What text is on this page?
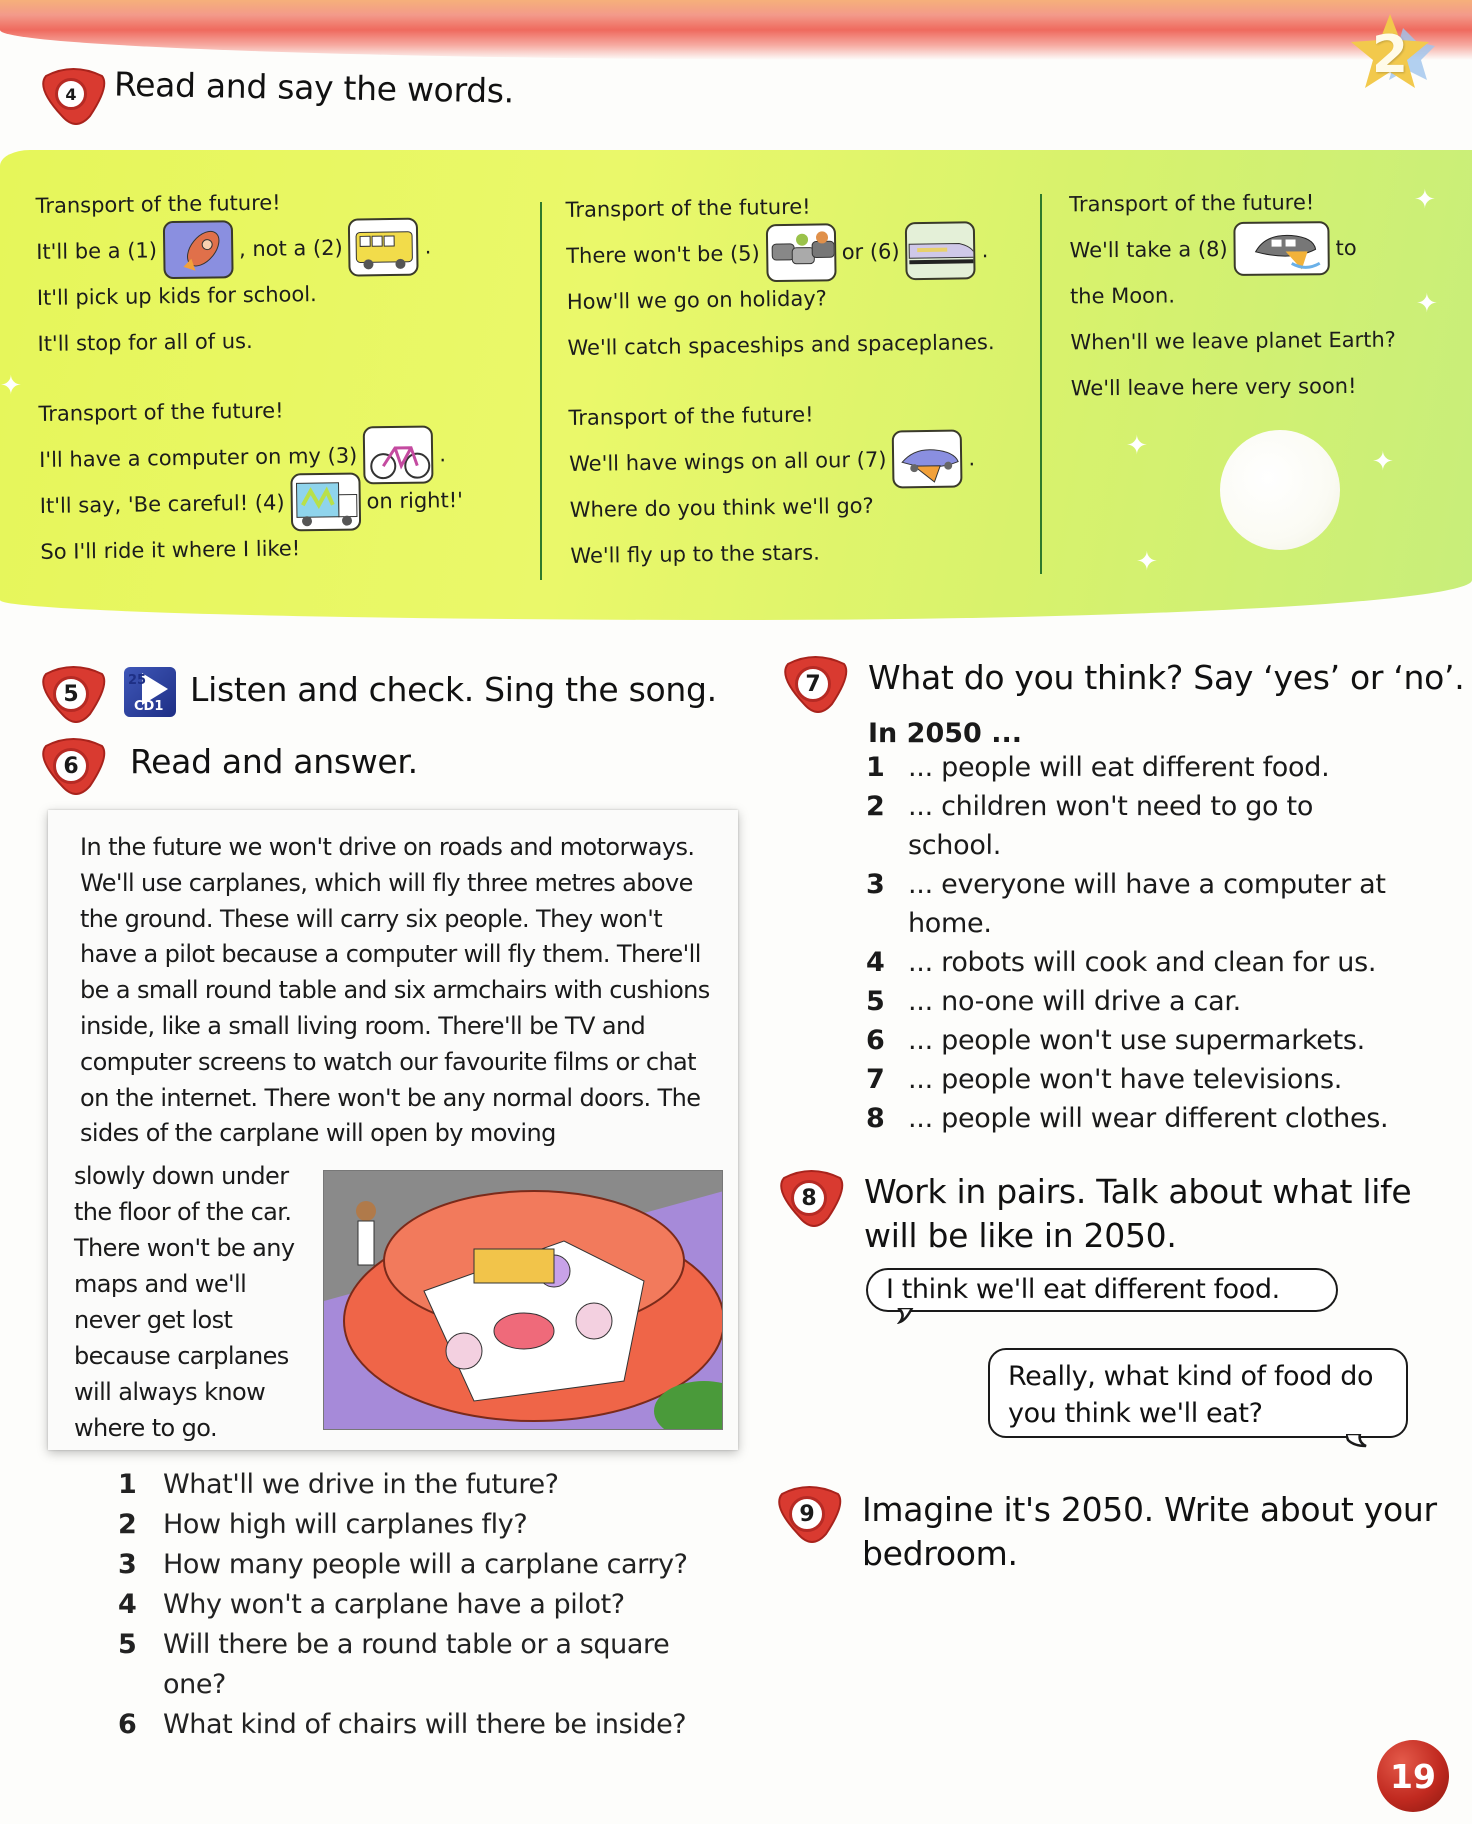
2
4	Read and say the words.
Transport of the future!
It'll be a (1)	, not a (2)	.
It'll pick up kids for school.
It'll stop for all of us.
Transport of the future!
I'll have a computer on my (3)	.
It'll say, 'Be careful! (4)	on right!'
So I'll ride it where I like!
Transport of the future!
There won't be (5)	or (6)	.
How'll we go on holiday?
We'll catch spaceships and spaceplanes.
Transport of the future!
We'll have wings on all our (7)	.
Where do you think we'll go?
We'll fly up to the stars.
Transport of the future!
We'll take a (8)	to
the Moon.
When'll we leave planet Earth?
We'll leave here very soon!
✦
✦
✦
✦
✦
✦
5
25
CD1 Listen and check. Sing the song.
6	Read and answer.
In the future we won't drive on roads and motorways. We'll use carplanes, which will fly three metres above the ground. These will carry six people. They won't have a pilot because a computer will fly them. There'll be a small round table and six armchairs with cushions inside, like a small living room. There'll be TV and computer screens to watch our favourite films or chat on the internet. There won't be any normal doors. The sides of the carplane will open by moving
slowly down under the floor of the car. There won't be any maps and we'll never get lost because carplanes will always know where to go.
1 What'll we drive in the future?
2 How high will carplanes fly?
3 How many people will a carplane carry?
4 Why won't a carplane have a pilot?
5 Will there be a round table or a square one?
6 What kind of chairs will there be inside?
7	What do you think? Say ‘yes’ or ‘no’.
In 2050 ...
1 ... people will eat different food.
2 ... children won't need to go to school.
3 ... everyone will have a computer at home.
4 ... robots will cook and clean for us.
5 ... no-one will drive a car.
6 ... people won't use supermarkets.
7 ... people won't have televisions.
8 ... people will wear different clothes.
8	Work in pairs. Talk about what life will be like in 2050.
I think we'll eat different food.
Really, what kind of food do you think we'll eat?
9	Imagine it's 2050. Write about your bedroom.
19
